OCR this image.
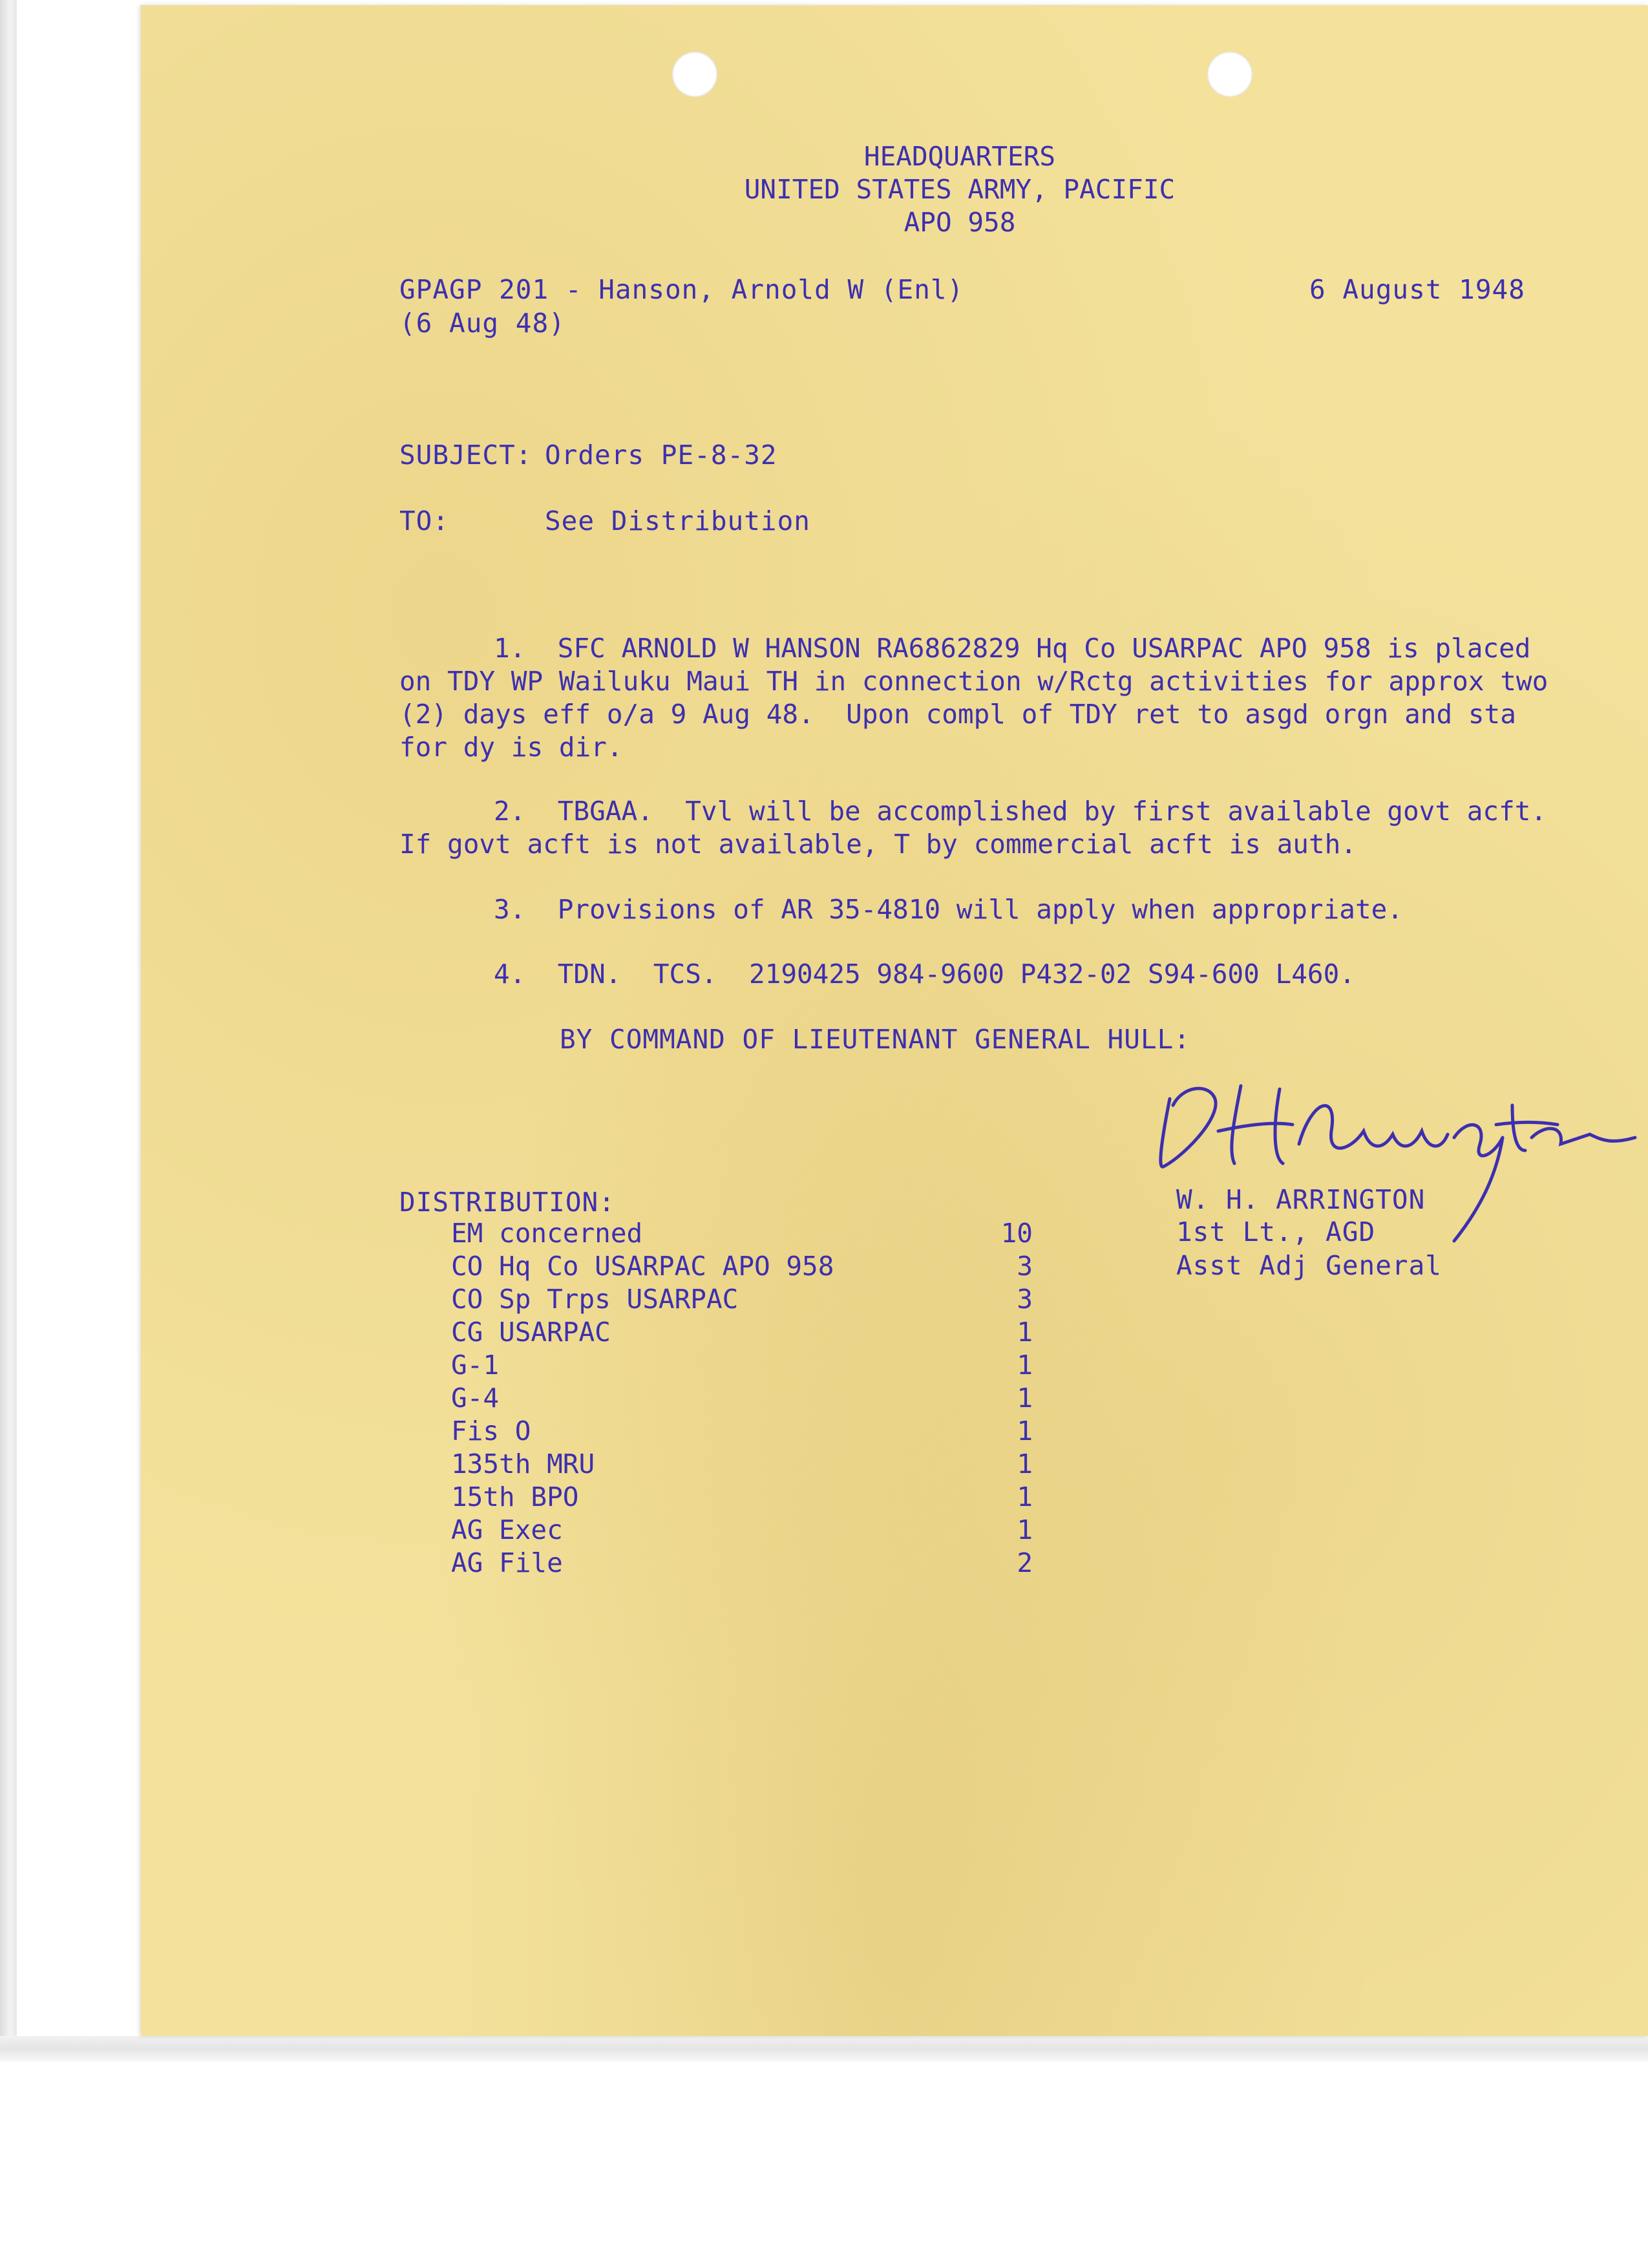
HEADQUARTERS
UNITED STATES ARMY, PACIFIC
APO 958
GPAGP 201 - Hanson, Arnold W (Enl)
(6 Aug 48)
6 August 1948
SUBJECT: Orders PE-8-32
TO:	See Distribution
1.  SFC ARNOLD W HANSON RA6862829 Hq Co USARPAC APO 958 is placed
on TDY WP Wailuku Maui TH in connection w/Rctg activities for approx two
(2) days eff o/a 9 Aug 48.  Upon compl of TDY ret to asgd orgn and sta
for dy is dir.
2.  TBGAA.  Tvl will be accomplished by first available govt acft.
If govt acft is not available, T by commercial acft is auth.
3.  Provisions of AR 35-4810 will apply when appropriate.
4.  TDN.  TCS.  2190425 984-9600 P432-02 S94-600 L460.
BY COMMAND OF LIEUTENANT GENERAL HULL:
W. H. ARRINGTON
1st Lt., AGD
Asst Adj General
DISTRIBUTION:
EM concerned	10
CO Hq Co USARPAC APO 958	3
CO Sp Trps USARPAC	3
CG USARPAC	1
G-1	1
G-4	1
Fis O	1
135th MRU	1
15th BPO	1
AG Exec	1
AG File	2
